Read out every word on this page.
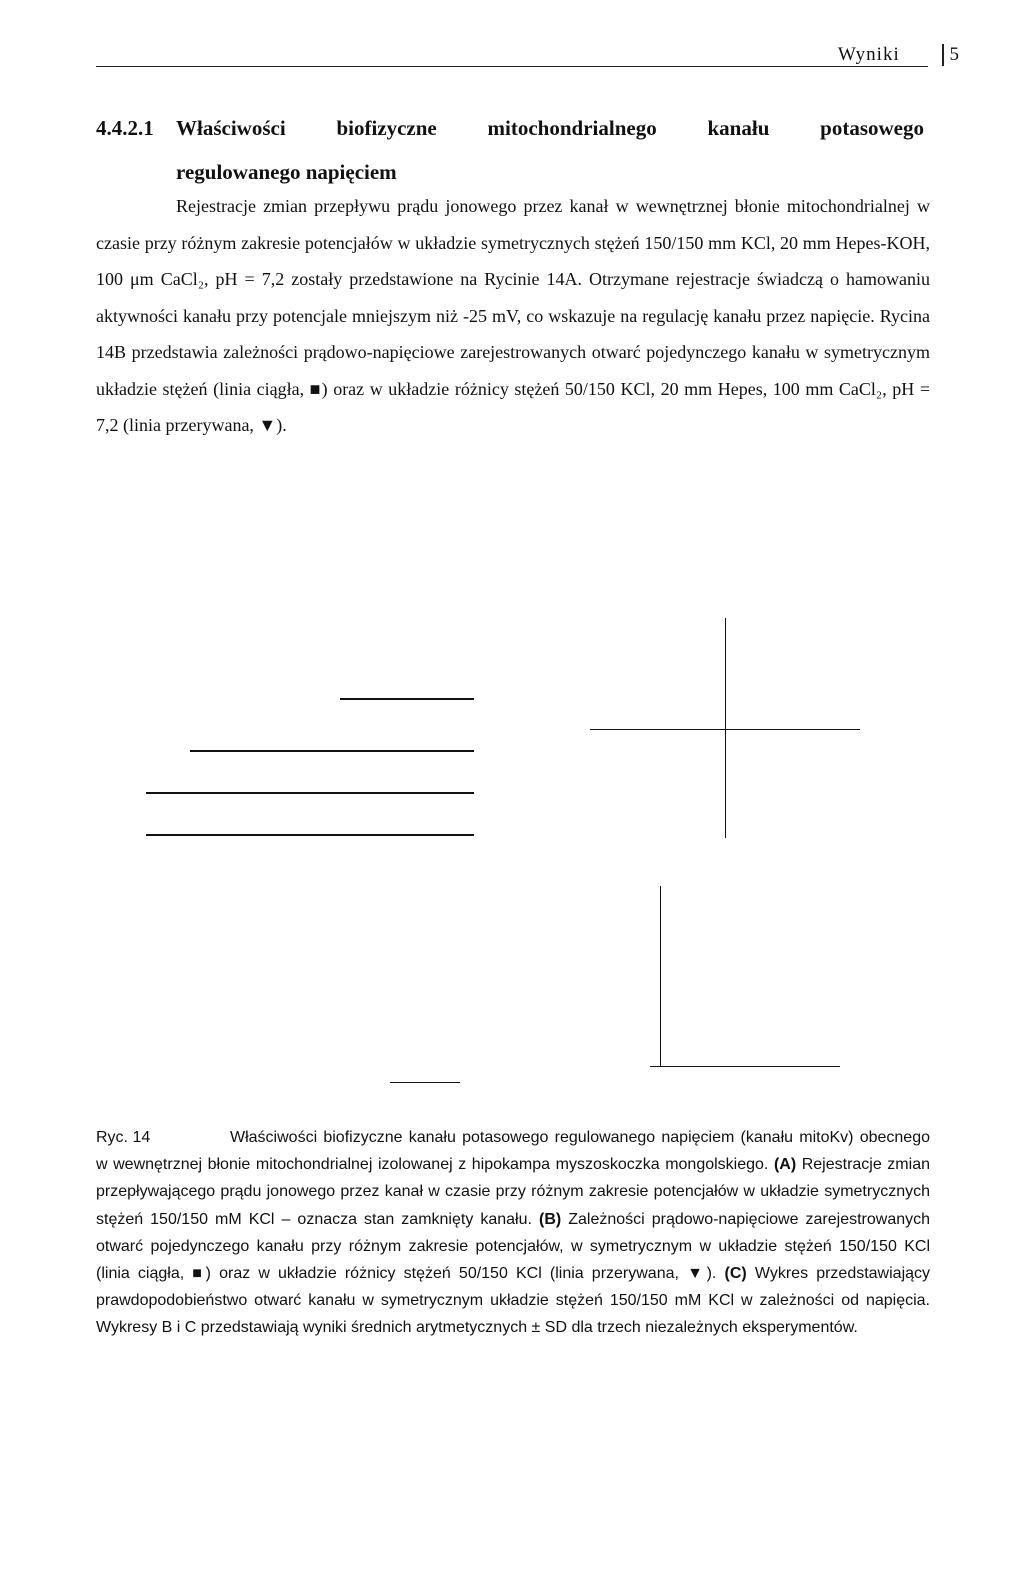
Wyniki	5
4.4.2.1 Właściwości biofizyczne mitochondrialnego kanału potasowego
regulowanego napięciem

Rejestracje zmian przepływu prądu jonowego przez kanał w wewnętrznej błonie mitochondrialnej w czasie przy różnym zakresie potencjałów w układzie symetrycznych stężeń 150/150 mm KCl, 20 mm Hepes-KOH, 100 μm CaCl₂, pH = 7,2 zostały przedstawione na Rycinie 14A. Otrzymane rejestracje świadczą o hamowaniu aktywności kanału przy potencjale mniejszym niż -25 mV, co wskazuje na regulację kanału przez napięcie. Rycina 14B przedstawia zależności prądowo-napięciowe zarejestrowanych otwarć pojedynczego kanału w symetrycznym układzie stężeń (linia ciągła, ■) oraz w układzie różnicy stężeń 50/150 KCl, 20 mm Hepes, 100 mm CaCl₂, pH = 7,2 (linia przerywana, ▼).

Ryc. 14	Właściwości biofizyczne kanału potasowego regulowanego napięciem (kanału mitoKv) obecnego w wewnętrznej błonie mitochondrialnej izolowanej z hipokampa myszoskoczka mongolskiego. (A) Rejestracje zmian przepływającego prądu jonowego przez kanał w czasie przy różnym zakresie potencjałów w układzie symetrycznych stężeń 150/150 mM KCl – oznacza stan zamknięty kanału. (B) Zależności prądowo-napięciowe zarejestrowanych otwarć pojedynczego kanału przy różnym zakresie potencjałów, w symetrycznym w układzie stężeń 150/150 KCl (linia ciągła, ■) oraz w układzie różnicy stężeń 50/150 KCl (linia przerywana, ▼). (C) Wykres przedstawiający prawdopodobieństwo otwarć kanału w symetrycznym układzie stężeń 150/150 mM KCl w zależności od napięcia. Wykresy B i C przedstawiają wyniki średnich arytmetycznych ± SD dla trzech niezależnych eksperymentów.
